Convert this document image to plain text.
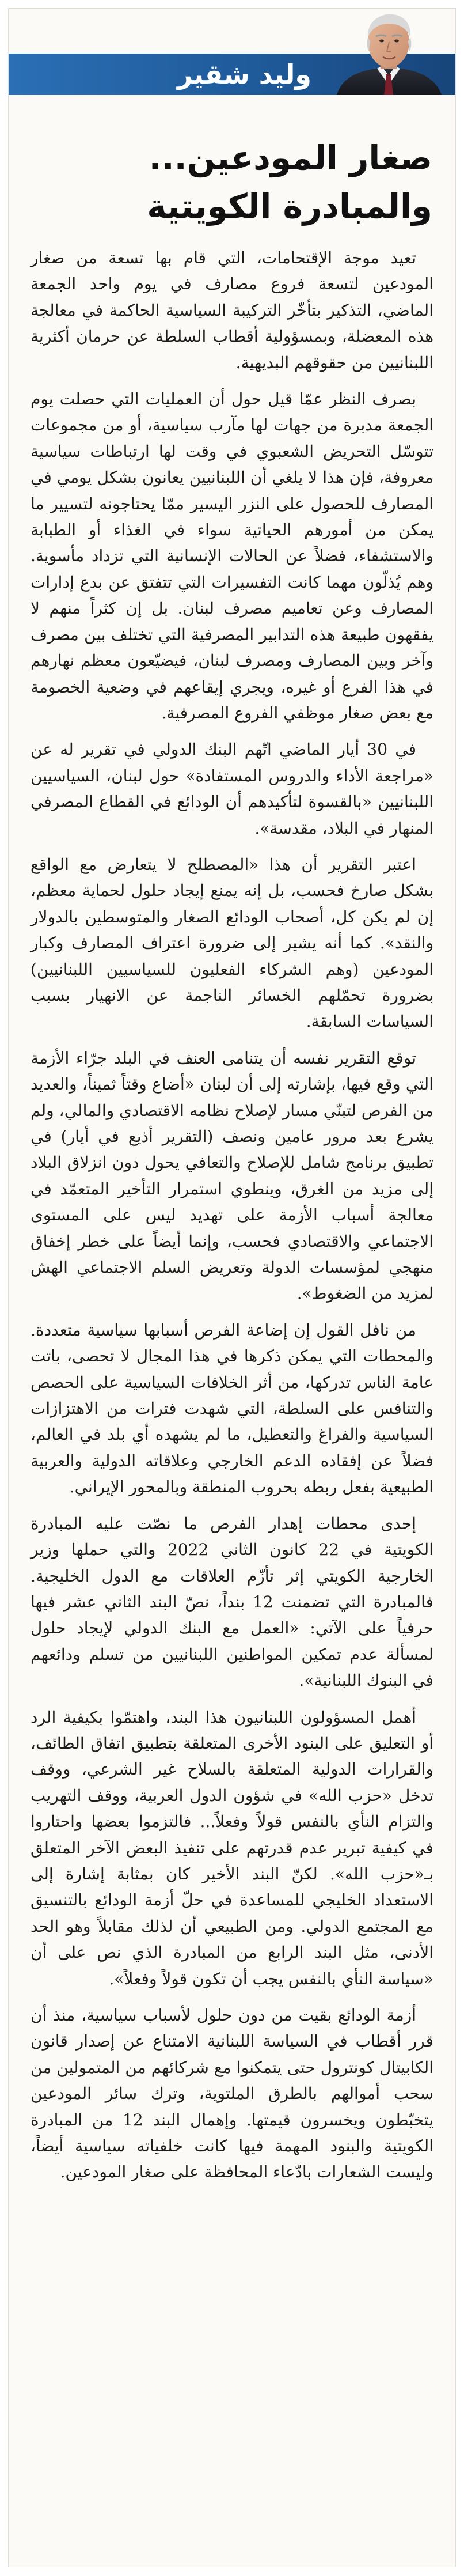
وليد شقير
صغار المودعين...
والمبادرة الكويتية

تعيد موجة الإقتحامات، التي قام بها تسعة من صغار المودعين لتسعة فروع مصارف في يوم واحد الجمعة الماضي، التذكير بتأخّر التركيبة السياسية الحاكمة في معالجة هذه المعضلة، وبمسؤولية أقطاب السلطة عن حرمان أكثرية اللبنانيين من حقوقهم البديهية.

بصرف النظر عمّا قيل حول أن العمليات التي حصلت يوم الجمعة مدبرة من جهات لها مآرب سياسية، أو من مجموعات تتوسّل التحريض الشعبوي في وقت لها ارتباطات سياسية معروفة، فإن هذا لا يلغي أن اللبنانيين يعانون بشكل يومي في المصارف للحصول على النزر اليسير ممّا يحتاجونه لتسيير ما يمكن من أمورهم الحياتية سواء في الغذاء أو الطبابة والاستشفاء، فضلاً عن الحالات الإنسانية التي تزداد مأسوية. وهم يُذلّون مهما كانت التفسيرات التي تتفتق عن بدع إدارات المصارف وعن تعاميم مصرف لبنان. بل إن كثراً منهم لا يفقهون طبيعة هذه التدابير المصرفية التي تختلف بين مصرف وآخر وبين المصارف ومصرف لبنان، فيضيّعون معظم نهارهم في هذا الفرع أو غيره، ويجري إيقاعهم في وضعية الخصومة مع بعض صغار موظفي الفروع المصرفية.

في 30 أيار الماضي اتّهم البنك الدولي في تقرير له عن «مراجعة الأداء والدروس المستفادة» حول لبنان، السياسيين اللبنانيين «بالقسوة لتأكيدهم أن الودائع في القطاع المصرفي المنهار في البلاد، مقدسة».

اعتبر التقرير أن هذا «المصطلح لا يتعارض مع الواقع بشكل صارخ فحسب، بل إنه يمنع إيجاد حلول لحماية معظم، إن لم يكن كل، أصحاب الودائع الصغار والمتوسطين بالدولار والنقد». كما أنه يشير إلى ضرورة اعتراف المصارف وكبار المودعين (وهم الشركاء الفعليون للسياسيين اللبنانيين) بضرورة تحمّلهم الخسائر الناجمة عن الانهيار بسبب السياسات السابقة.

توقع التقرير نفسه أن يتنامى العنف في البلد جرّاء الأزمة التي وقع فيها، بإشارته إلى أن لبنان «أضاع وقتاً ثميناً، والعديد من الفرص لتبنّي مسار لإصلاح نظامه الاقتصادي والمالي، ولم يشرع بعد مرور عامين ونصف (التقرير أذيع في أيار) في تطبيق برنامج شامل للإصلاح والتعافي يحول دون انزلاق البلاد إلى مزيد من الغرق، وينطوي استمرار التأخير المتعمّد في معالجة أسباب الأزمة على تهديد ليس على المستوى الاجتماعي والاقتصادي فحسب، وإنما أيضاً على خطر إخفاق منهجي لمؤسسات الدولة وتعريض السلم الاجتماعي الهش لمزيد من الضغوط».

من نافل القول إن إضاعة الفرص أسبابها سياسية متعددة. والمحطات التي يمكن ذكرها في هذا المجال لا تحصى، باتت عامة الناس تدركها، من أثر الخلافات السياسية على الحصص والتنافس على السلطة، التي شهدت فترات من الاهتزازات السياسية والفراغ والتعطيل، ما لم يشهده أي بلد في العالم، فضلاً عن إفقاده الدعم الخارجي وعلاقاته الدولية والعربية الطبيعية بفعل ربطه بحروب المنطقة وبالمحور الإيراني.

إحدى محطات إهدار الفرص ما نصّت عليه المبادرة الكويتية في 22 كانون الثاني 2022 والتي حملها وزير الخارجية الكويتي إثر تأزّم العلاقات مع الدول الخليجية. فالمبادرة التي تضمنت 12 بنداً، نصّ البند الثاني عشر فيها حرفياً على الآتي: «العمل مع البنك الدولي لإيجاد حلول لمسألة عدم تمكين المواطنين اللبنانيين من تسلم ودائعهم في البنوك اللبنانية».

أهمل المسؤولون اللبنانيون هذا البند، واهتمّوا بكيفية الرد أو التعليق على البنود الأخرى المتعلقة بتطبيق اتفاق الطائف، والقرارات الدولية المتعلقة بالسلاح غير الشرعي، ووقف تدخل «حزب الله» في شؤون الدول العربية، ووقف التهريب والتزام النأي بالنفس قولاً وفعلاً... فالتزموا بعضها واحتاروا في كيفية تبرير عدم قدرتهم على تنفيذ البعض الآخر المتعلق بـ«حزب الله». لكنّ البند الأخير كان بمثابة إشارة إلى الاستعداد الخليجي للمساعدة في حلّ أزمة الودائع بالتنسيق مع المجتمع الدولي. ومن الطبيعي أن لذلك مقابلاً وهو الحد الأدنى، مثل البند الرابع من المبادرة الذي نص على أن «سياسة النأي بالنفس يجب أن تكون قولاً وفعلاً».

أزمة الودائع بقيت من دون حلول لأسباب سياسية، منذ أن قرر أقطاب في السياسة اللبنانية الامتناع عن إصدار قانون الكابيتال كونترول حتى يتمكنوا مع شركائهم من المتمولين من سحب أموالهم بالطرق الملتوية، وترك سائر المودعين يتخبّطون ويخسرون قيمتها. وإهمال البند 12 من المبادرة الكويتية والبنود المهمة فيها كانت خلفياته سياسية أيضاً، وليست الشعارات بادّعاء المحافظة على صغار المودعين.
